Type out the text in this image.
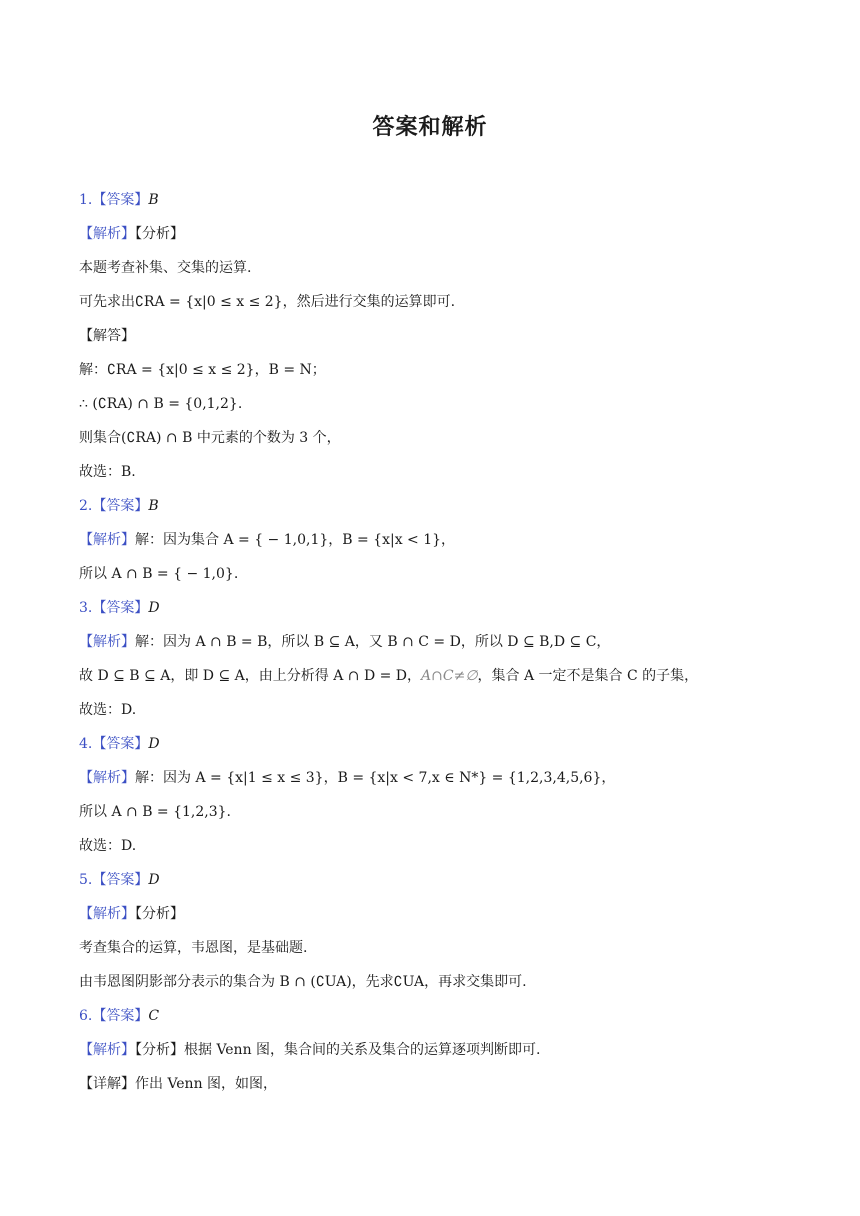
答案和解析
1.【答案】B
【解析】【分析】
本题考查补集、交集的运算.
可先求出∁RA = {x|0 ≤ x ≤ 2}，然后进行交集的运算即可.
【解答】
解：∁RA = {x|0 ≤ x ≤ 2}，B = N；
∴ (∁RA) ∩ B = {0,1,2}.
则集合(∁RA) ∩ B 中元素的个数为 3 个，
故选：B.
2.【答案】B
【解析】解：因为集合 A = { − 1,0,1}，B = {x|x < 1}，
所以 A ∩ B = { − 1,0}.
3.【答案】D
【解析】解：因为 A ∩ B = B，所以 B ⊆ A，又 B ∩ C = D，所以 D ⊆ B,D ⊆ C，
故 D ⊆ B ⊆ A，即 D ⊆ A，由上分析得 A ∩ D = D，A∩C≠∅，集合 A 一定不是集合 C 的子集，
故选：D.
4.【答案】D
【解析】解：因为 A = {x|1 ≤ x ≤ 3}，B = {x|x < 7,x ∈ N*} = {1,2,3,4,5,6}，
所以 A ∩ B = {1,2,3}.
故选：D.
5.【答案】D
【解析】【分析】
考查集合的运算，韦恩图，是基础题.
由韦恩图阴影部分表示的集合为 B ∩ (∁UA)，先求∁UA，再求交集即可.
6.【答案】C
【解析】【分析】根据 Venn 图，集合间的关系及集合的运算逐项判断即可.
【详解】作出 Venn 图，如图，
